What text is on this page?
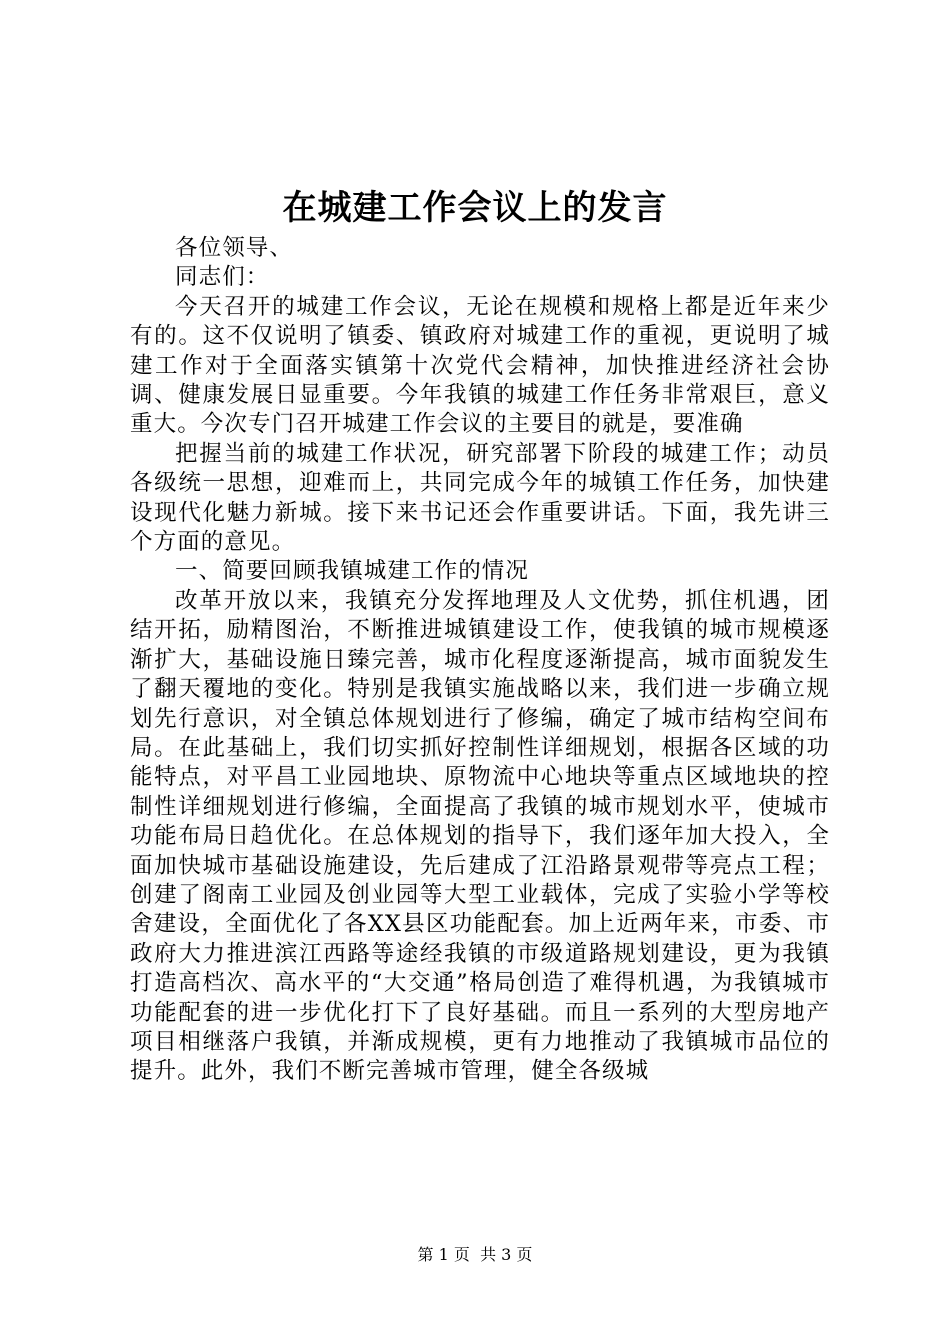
在城建工作会议上的发言

各位领导、

同志们：

今天召开的城建工作会议，无论在规模和规格上都是近年来少有的。这不仅说明了镇委、镇政府对城建工作的重视，更说明了城建工作对于全面落实镇第十次党代会精神，加快推进经济社会协调、健康发展日显重要。今年我镇的城建工作任务非常艰巨，意义重大。今次专门召开城建工作会议的主要目的就是，要准确

把握当前的城建工作状况，研究部署下阶段的城建工作；动员各级统一思想，迎难而上，共同完成今年的城镇工作任务，加快建设现代化魅力新城。接下来书记还会作重要讲话。下面，我先讲三个方面的意见。

一、简要回顾我镇城建工作的情况

改革开放以来，我镇充分发挥地理及人文优势，抓住机遇，团结开拓，励精图治，不断推进城镇建设工作，使我镇的城市规模逐渐扩大，基础设施日臻完善，城市化程度逐渐提高，城市面貌发生了翻天覆地的变化。特别是我镇实施战略以来，我们进一步确立规划先行意识，对全镇总体规划进行了修编，确定了城市结构空间布局。在此基础上，我们切实抓好控制性详细规划，根据各区域的功能特点，对平昌工业园地块、原物流中心地块等重点区域地块的控制性详细规划进行修编，全面提高了我镇的城市规划水平，使城市功能布局日趋优化。在总体规划的指导下，我们逐年加大投入，全面加快城市基础设施建设，先后建成了江沿路景观带等亮点工程；创建了阁南工业园及创业园等大型工业载体，完成了实验小学等校舍建设，全面优化了各XX县区功能配套。加上近两年来，市委、市政府大力推进滨江西路等途经我镇的市级道路规划建设，更为我镇打造高档次、高水平的“大交通”格局创造了难得机遇，为我镇城市功能配套的进一步优化打下了良好基础。而且一系列的大型房地产项目相继落户我镇，并渐成规模，更有力地推动了我镇城市品位的提升。此外，我们不断完善城市管理，健全各级城

第 1 页  共 3 页
